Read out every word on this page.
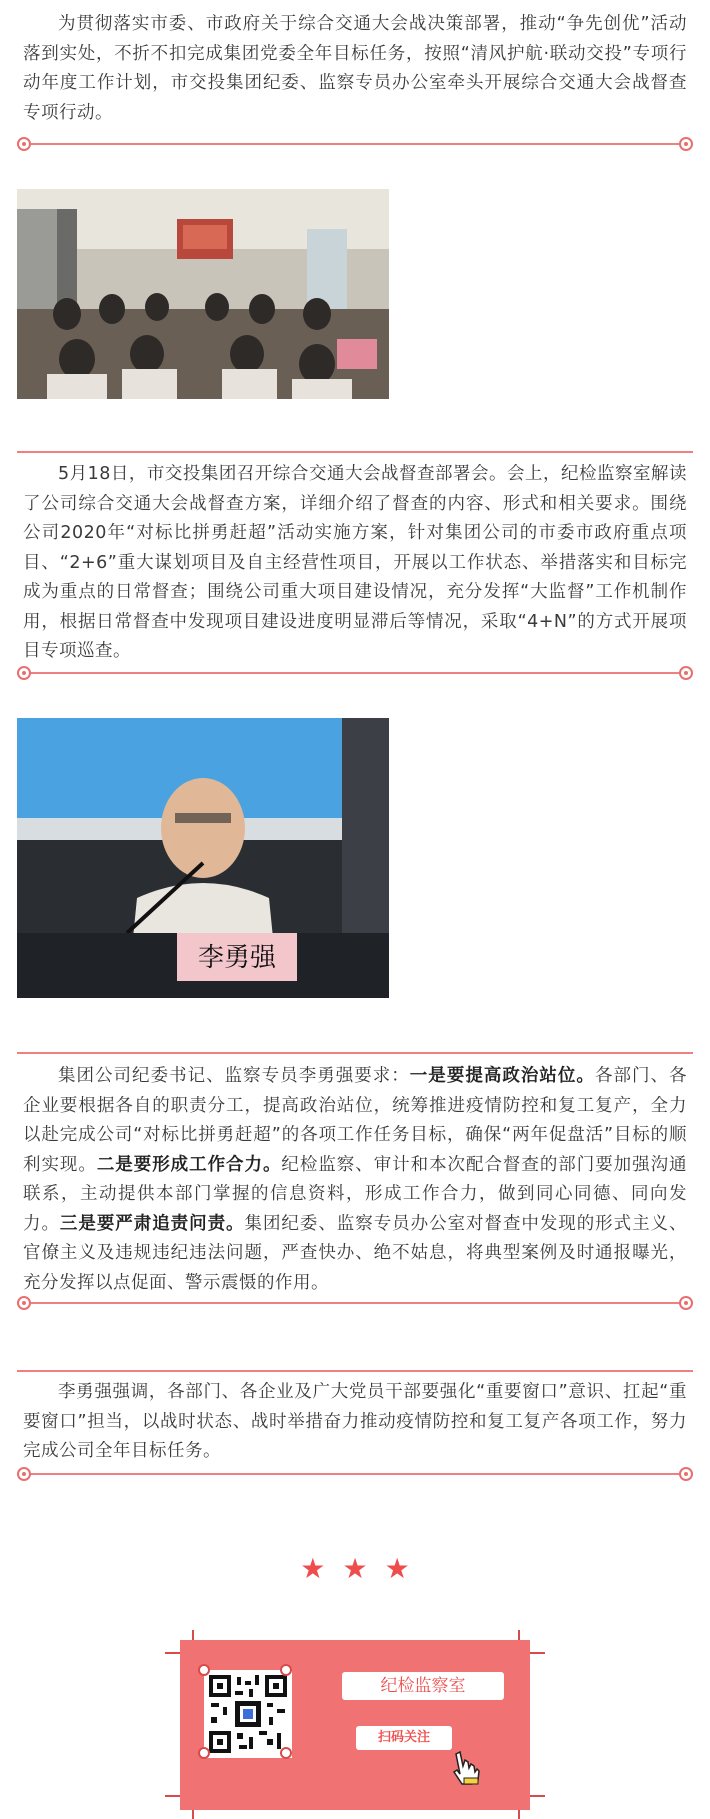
为贯彻落实市委、市政府关于综合交通大会战决策部署，推动“争先创优”活动落到实处，不折不扣完成集团党委全年目标任务，按照“清风护航·联动交投”专项行动年度工作计划，市交投集团纪委、监察专员办公室牵头开展综合交通大会战督查专项行动。

5月18日，市交投集团召开综合交通大会战督查部署会。会上，纪检监察室解读了公司综合交通大会战督查方案，详细介绍了督查的内容、形式和相关要求。围绕公司2020年“对标比拼勇赶超”活动实施方案，针对集团公司的市委市政府重点项目、“2+6”重大谋划项目及自主经营性项目，开展以工作状态、举措落实和目标完成为重点的日常督查；围绕公司重大项目建设情况，充分发挥“大监督”工作机制作用，根据日常督查中发现项目建设进度明显滞后等情况，采取“4+N”的方式开展项目专项巡查。

李勇强

集团公司纪委书记、监察专员李勇强要求：一是要提高政治站位。各部门、各企业要根据各自的职责分工，提高政治站位，统筹推进疫情防控和复工复产，全力以赴完成公司“对标比拼勇赶超”的各项工作任务目标，确保“两年促盘活”目标的顺利实现。二是要形成工作合力。纪检监察、审计和本次配合督查的部门要加强沟通联系，主动提供本部门掌握的信息资料，形成工作合力，做到同心同德、同向发力。三是要严肃追责问责。集团纪委、监察专员办公室对督查中发现的形式主义、官僚主义及违规违纪违法问题，严查快办、绝不姑息，将典型案例及时通报曝光，充分发挥以点促面、警示震慑的作用。

李勇强强调，各部门、各企业及广大党员干部要强化“重要窗口”意识、扛起“重要窗口”担当，以战时状态、战时举措奋力推动疫情防控和复工复产各项工作，努力完成公司全年目标任务。

★ ★ ★
纪检监察室
扫码关注
